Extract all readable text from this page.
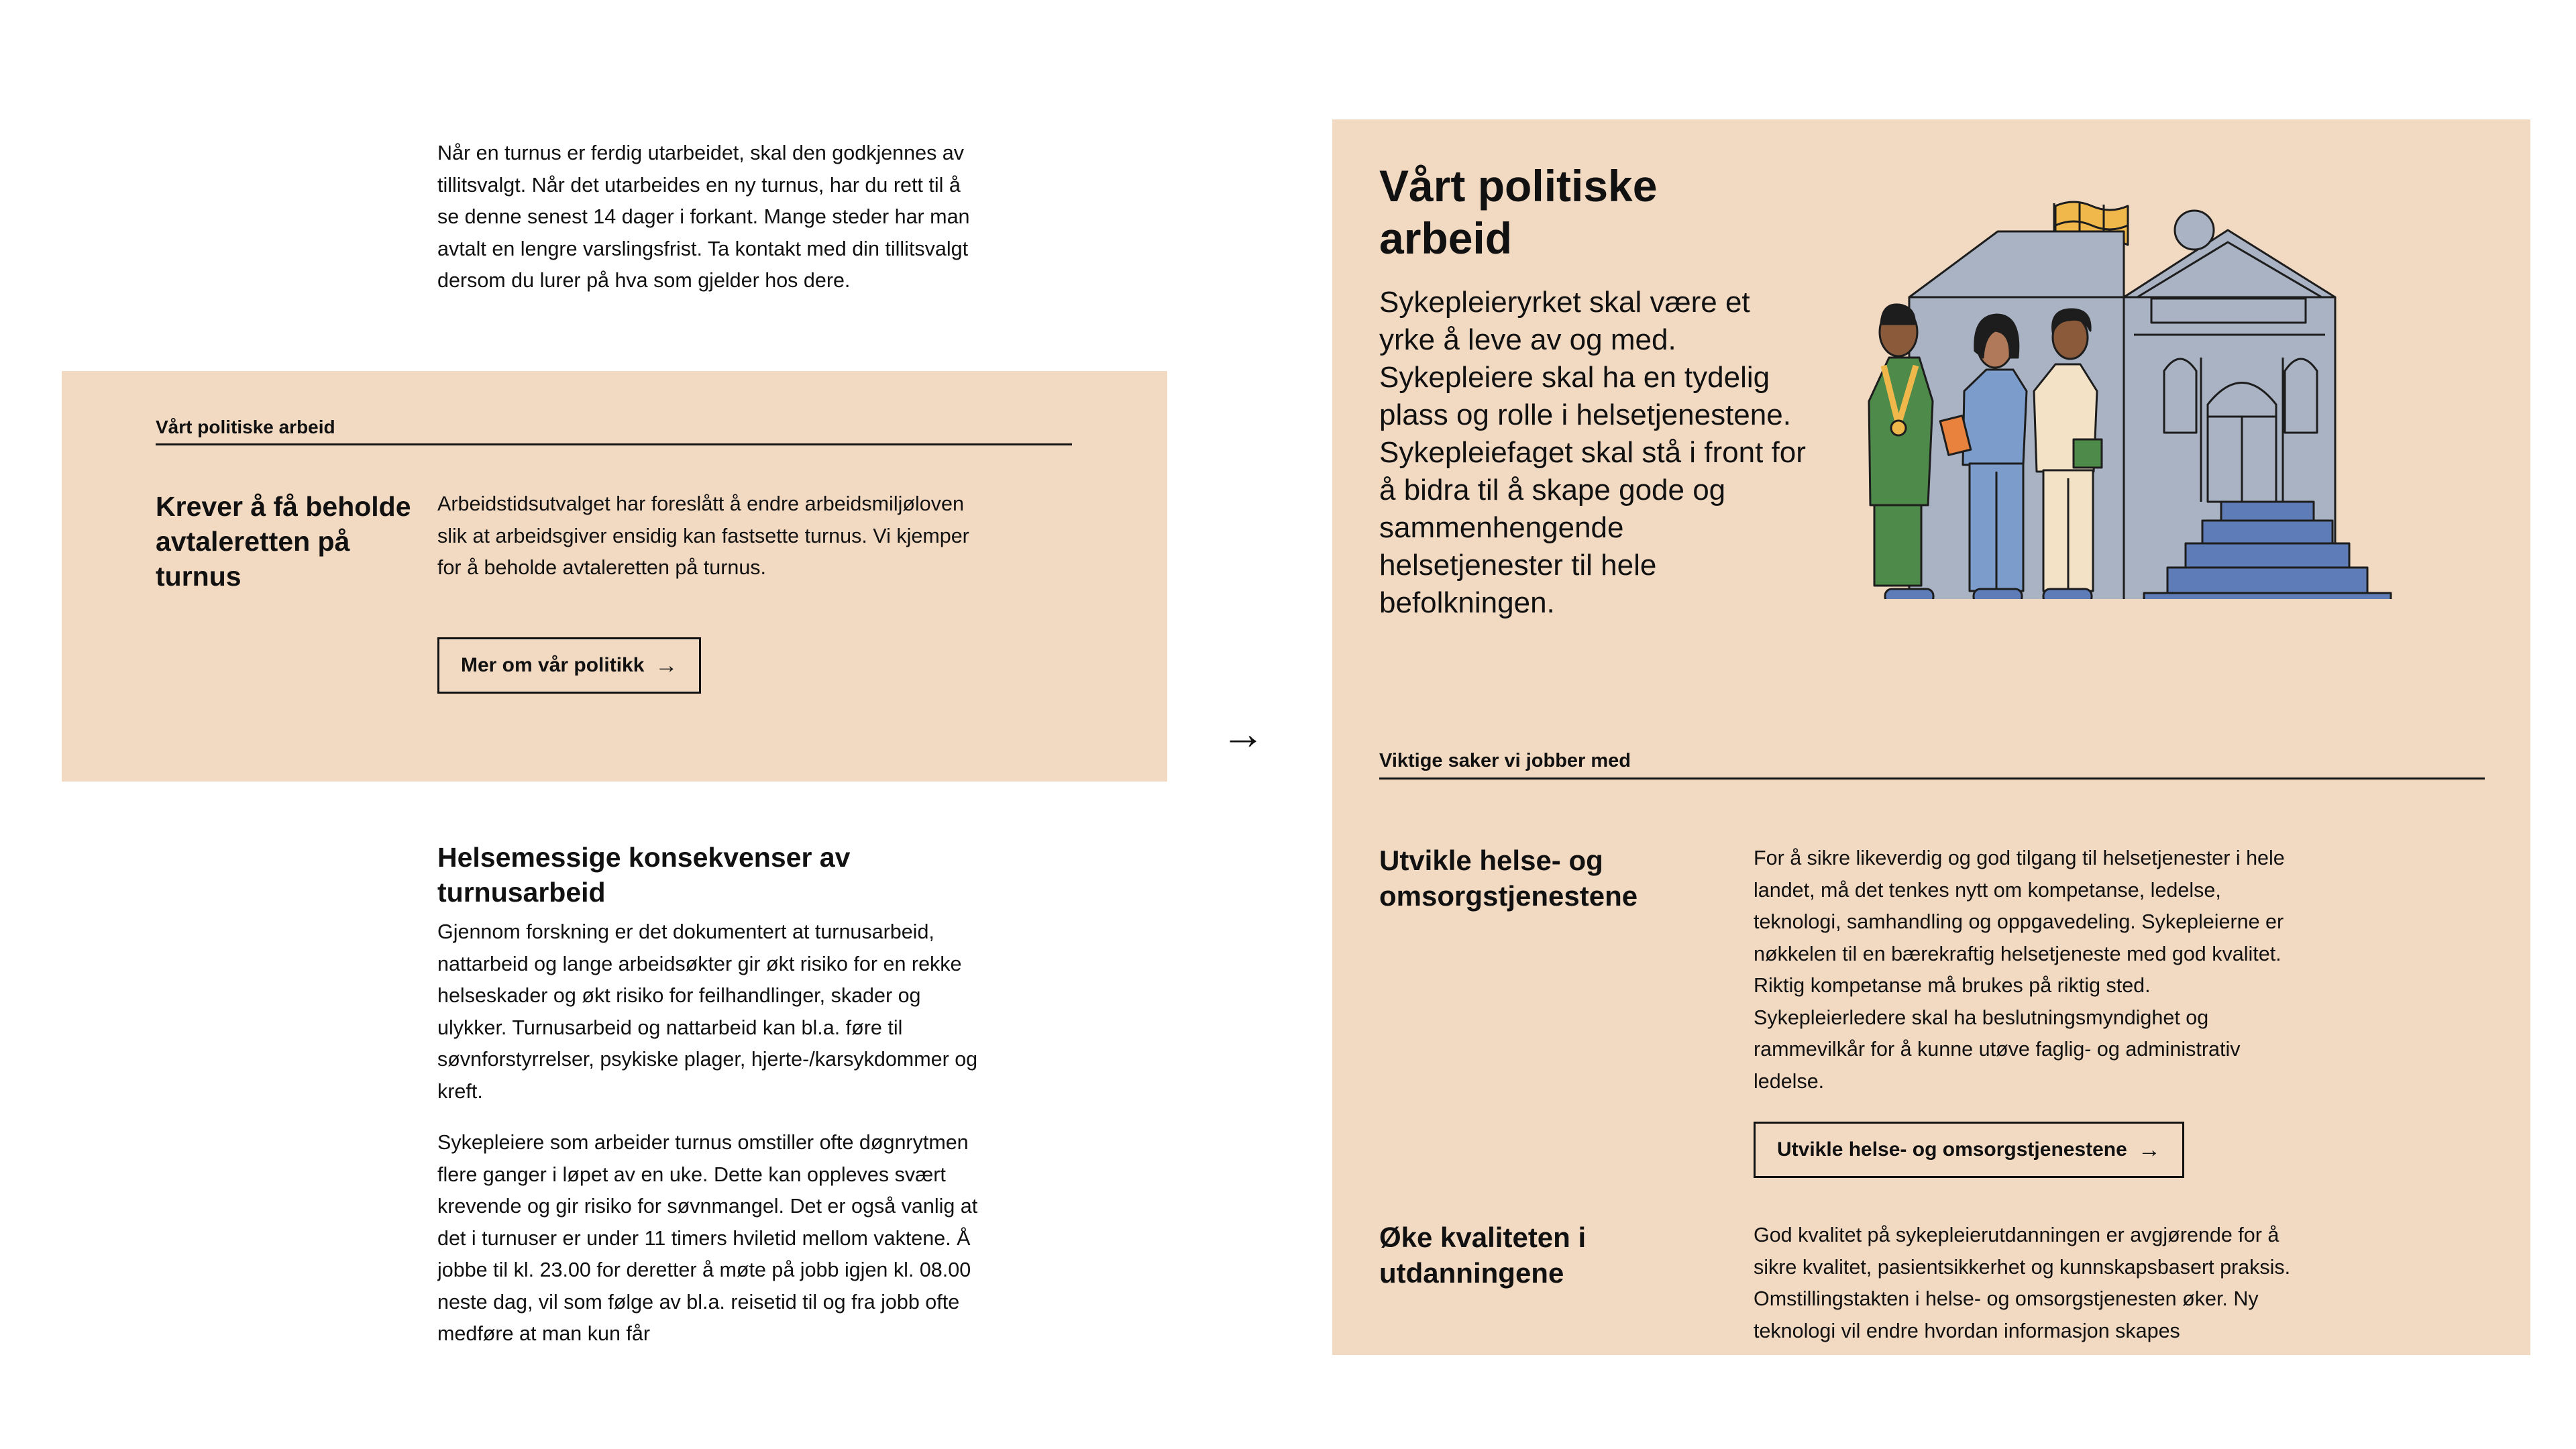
Når en turnus er ferdig utarbeidet, skal den godkjennes av tillitsvalgt. Når det utarbeides en ny turnus, har du rett til å se denne senest 14 dager i forkant. Mange steder har man avtalt en lengre varslingsfrist. Ta kontakt med din tillitsvalgt dersom du lurer på hva som gjelder hos dere.

Vårt politiske arbeid
Krever å få beholde avtaleretten på turnus

Arbeidstidsutvalget har foreslått å endre arbeidsmiljøloven slik at arbeidsgiver ensidig kan fastsette turnus. Vi kjemper for å beholde avtaleretten på turnus.

Mer om vår politikk →
Helsemessige konsekvenser av turnusarbeid

Gjennom forskning er det dokumentert at turnusarbeid, nattarbeid og lange arbeidsøkter gir økt risiko for en rekke helseskader og økt risiko for feilhandlinger, skader og ulykker. Turnusarbeid og nattarbeid kan bl.a. føre til søvnforstyrrelser, psykiske plager, hjerte-/karsykdommer og kreft.

Sykepleiere som arbeider turnus omstiller ofte døgnrytmen flere ganger i løpet av en uke. Dette kan oppleves svært krevende og gir risiko for søvnmangel. Det er også vanlig at det i turnuser er under 11 timers hviletid mellom vaktene. Å jobbe til kl. 23.00 for deretter å møte på jobb igjen kl. 08.00 neste dag, vil som følge av bl.a. reisetid til og fra jobb ofte medføre at man kun får

→
Vårt politiske arbeid

Sykepleieryrket skal være et yrke å leve av og med. Sykepleiere skal ha en tydelig plass og rolle i helsetjenestene. Sykepleiefaget skal stå i front for å bidra til å skape gode og sammenhengende helsetjenester til hele befolkningen.

Viktige saker vi jobber med
Utvikle helse- og omsorgstjenestene

For å sikre likeverdig og god tilgang til helsetjenester i hele landet, må det tenkes nytt om kompetanse, ledelse, teknologi, samhandling og oppgavedeling. Sykepleierne er nøkkelen til en bærekraftig helsetjeneste med god kvalitet. Riktig kompetanse må brukes på riktig sted. Sykepleierledere skal ha beslutningsmyndighet og rammevilkår for å kunne utøve faglig- og administrativ ledelse.

Utvikle helse- og omsorgstjenestene →
Øke kvaliteten i utdanningene

God kvalitet på sykepleierutdanningen er avgjørende for å sikre kvalitet, pasientsikkerhet og kunnskapsbasert praksis. Omstillingstakten i helse- og omsorgstjenesten øker. Ny teknologi vil endre hvordan informasjon skapes
